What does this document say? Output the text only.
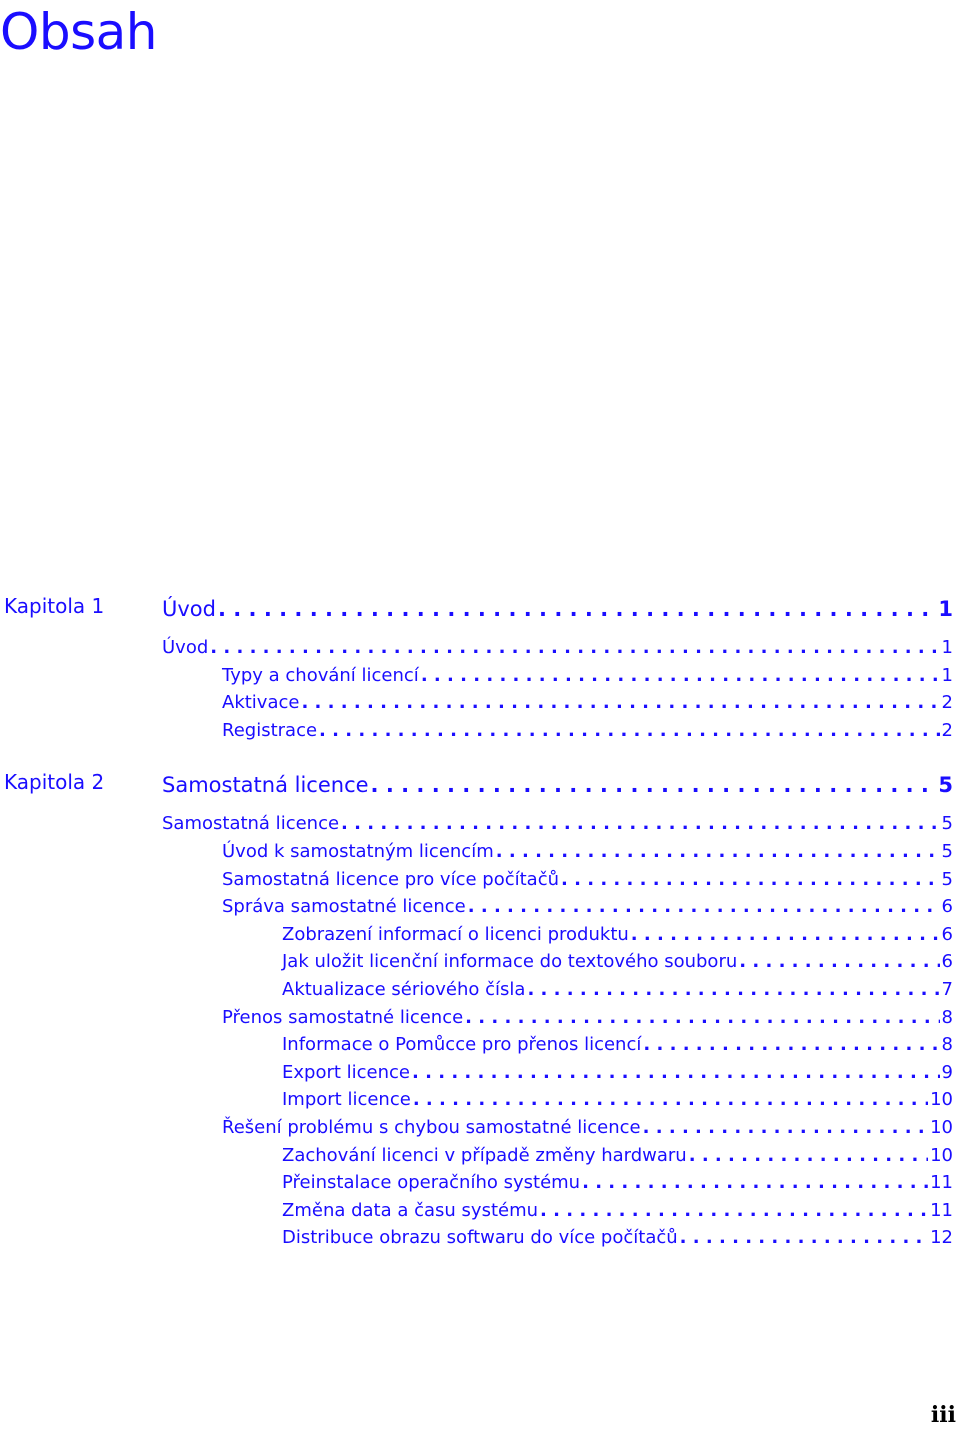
Obsah
Kapitola 1	Úvod . . .	1
Úvod . . .	1
Typy a chování licencí . . .	1
Aktivace . . .	2
Registrace . . .	2
Kapitola 2	Samostatná licence . . .	5
Samostatná licence . . .	5
Úvod k samostatným licencím . . .	5
Samostatná licence pro více počítačů . . .	5
Správa samostatné licence . . .	6
Zobrazení informací o licenci produktu . . .	6
Jak uložit licenční informace do textového souboru . . .	6
Aktualizace sériového čísla . . .	7
Přenos samostatné licence . . .	8
Informace o Pomůcce pro přenos licencí . . .	8
Export licence . . .	9
Import licence . . .	10
Řešení problému s chybou samostatné licence . . .	10
Zachování licenci v případě změny hardwaru . . .	10
Přeinstalace operačního systému . . .	11
Změna data a času systému . . .	11
Distribuce obrazu softwaru do více počítačů . . .	12
iii
